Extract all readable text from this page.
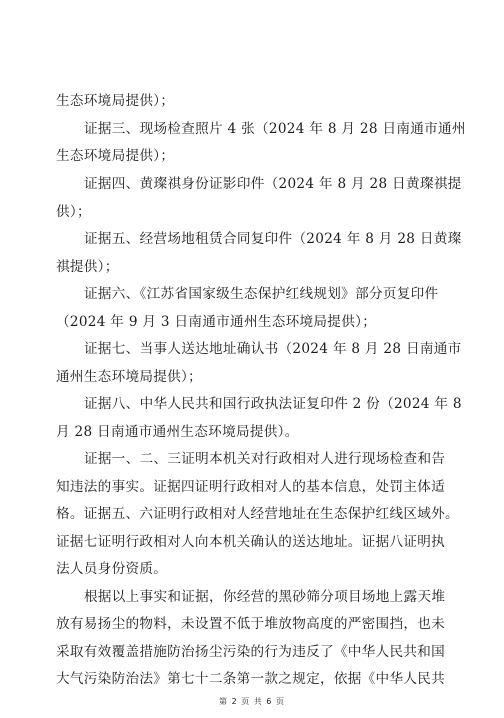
生态环境局提供）；

证据三、现场检查照片 4 张（2024 年 8 月 28 日南通市通州

生态环境局提供）；

证据四、黄璨祺身份证影印件（2024 年 8 月 28 日黄璨祺提

供）；

证据五、经营场地租赁合同复印件（2024 年 8 月 28 日黄璨

祺提供）；

证据六、《江苏省国家级生态保护红线规划》部分页复印件

（2024 年 9 月 3 日南通市通州生态环境局提供）；

证据七、当事人送达地址确认书（2024 年 8 月 28 日南通市

通州生态环境局提供）；

证据八、中华人民共和国行政执法证复印件 2 份（2024 年 8

月 28 日南通市通州生态环境局提供）。

证据一、二、三证明本机关对行政相对人进行现场检查和告

知违法的事实。证据四证明行政相对人的基本信息，处罚主体适

格。证据五、六证明行政相对人经营地址在生态保护红线区域外。

证据七证明行政相对人向本机关确认的送达地址。证据八证明执

法人员身份资质。

根据以上事实和证据，你经营的黑砂筛分项目场地上露天堆

放有易扬尘的物料，未设置不低于堆放物高度的严密围挡，也未

采取有效覆盖措施防治扬尘污染的行为违反了《中华人民共和国

大气污染防治法》第七十二条第一款之规定，依据《中华人民共

第 2 页 共 6 页
